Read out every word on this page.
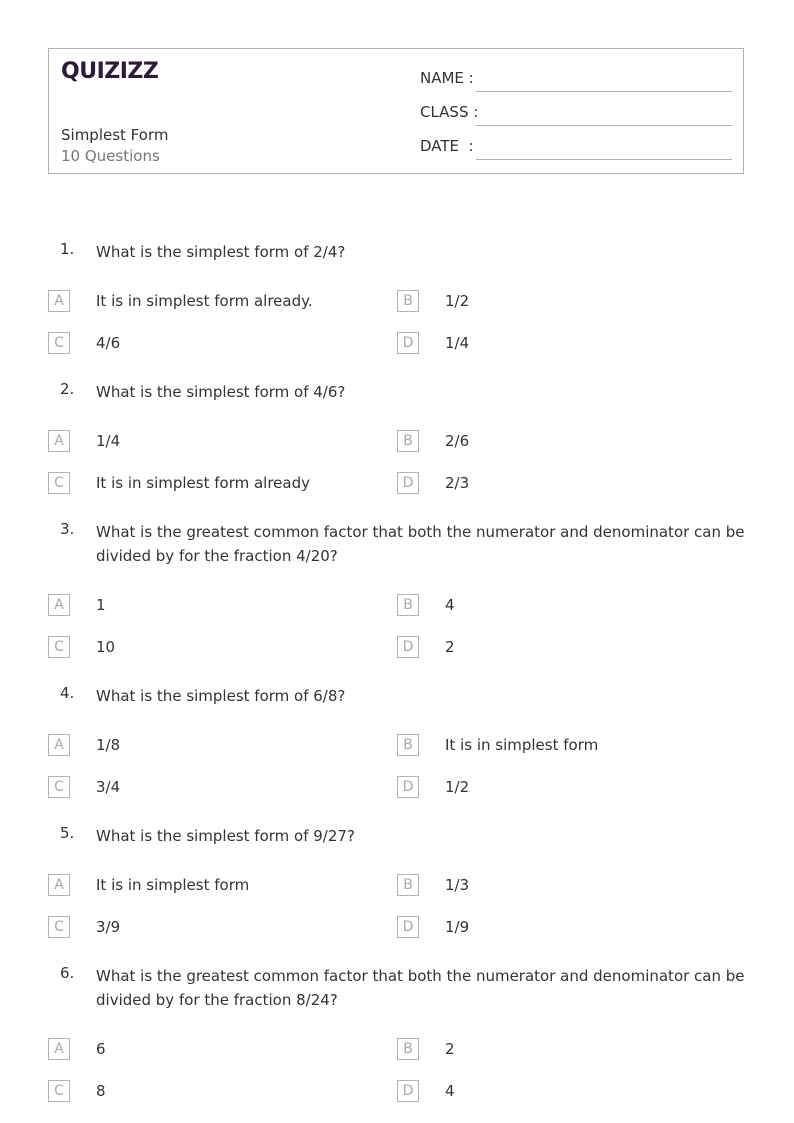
QUIZIZZ
Simplest Form
10 Questions
NAME :
CLASS :
DATE  :
1. What is the simplest form of 2/4?
A	It is in simplest form already.	B	1/2
C	4/6	D	1/4
2. What is the simplest form of 4/6?
A	1/4	B	2/6
C	It is in simplest form already	D	2/3
3. What is the greatest common factor that both the numerator and denominator can be divided by for the fraction 4/20?
A	1	B	4
C	10	D	2
4. What is the simplest form of 6/8?
A	1/8	B	It is in simplest form
C	3/4	D	1/2
5. What is the simplest form of 9/27?
A	It is in simplest form	B	1/3
C	3/9	D	1/9
6. What is the greatest common factor that both the numerator and denominator can be divided by for the fraction 8/24?
A	6	B	2
C	8	D	4
